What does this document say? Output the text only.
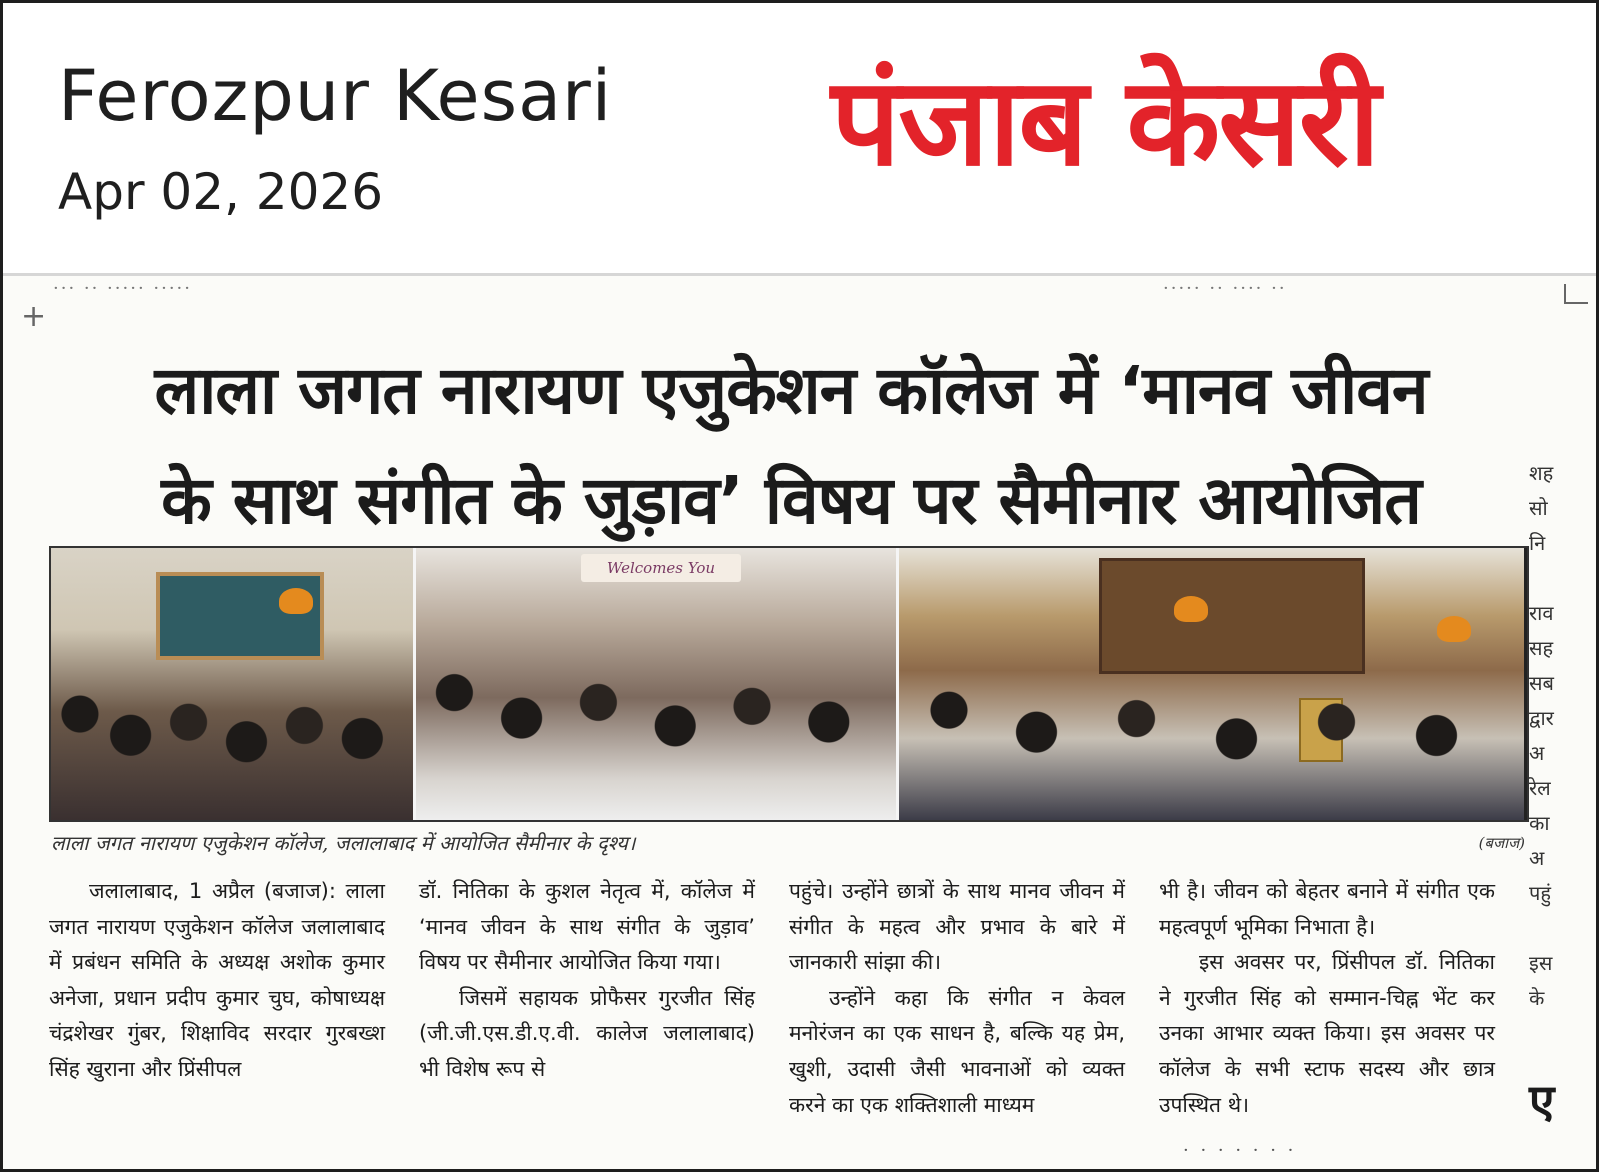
Ferozpur Kesari
Apr 02, 2026	पंजाब केसरी
··· ·· ····· ·····	····· ·· ···· ··
+
लाला जगत नारायण एजुकेशन कॉलेज में ‘मानव जीवन
के साथ संगीत के जुड़ाव’ विषय पर सैमीनार आयोजित
Welcomes You
लाला जगत नारायण एजुकेशन कॉलेज, जलालाबाद में आयोजित सैमीनार के दृश्य।	(बजाज)

जलालाबाद, 1 अप्रैल (बजाज): लाला जगत नारायण एजुकेशन कॉलेज जलालाबाद में प्रबंधन समिति के अध्यक्ष अशोक कुमार अनेजा, प्रधान प्रदीप कुमार चुघ, कोषाध्यक्ष चंद्रशेखर गुंबर, शिक्षाविद सरदार गुरबख्श सिंह खुराना और प्रिंसीपल

डॉ. नितिका के कुशल नेतृत्व में, कॉलेज में ‘मानव जीवन के साथ संगीत के जुड़ाव’ विषय पर सैमीनार आयोजित किया गया।

जिसमें सहायक प्रोफैसर गुरजीत सिंह (जी.जी.एस.डी.ए.वी. कालेज जलालाबाद) भी विशेष रूप से

पहुंचे। उन्होंने छात्रों के साथ मानव जीवन में संगीत के महत्व और प्रभाव के बारे में जानकारी सांझा की।

उन्होंने कहा कि संगीत न केवल मनोरंजन का एक साधन है, बल्कि यह प्रेम, खुशी, उदासी जैसी भावनाओं को व्यक्त करने का एक शक्तिशाली माध्यम

भी है। जीवन को बेहतर बनाने में संगीत एक महत्वपूर्ण भूमिका निभाता है।

इस अवसर पर, प्रिंसीपल डॉ. नितिका ने गुरजीत सिंह को सम्मान-चिह्न भेंट कर उनका आभार व्यक्त किया। इस अवसर पर कॉलेज के सभी स्टाफ सदस्य और छात्र उपस्थित थे।

शह
सो
नि

राव
सह
सब
द्वार
अ
रेल
का
अ
पहुं

इस
के
ए
· · · · · · ·
